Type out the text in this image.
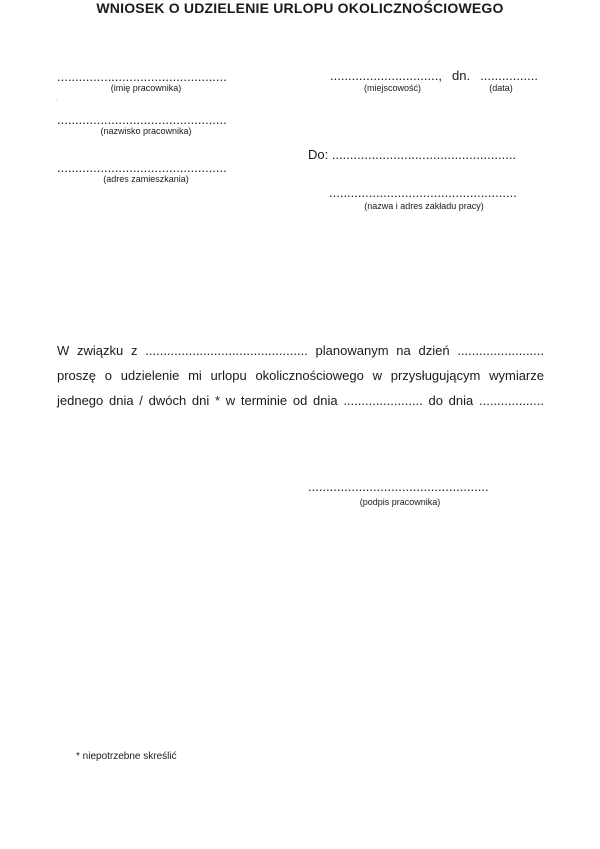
...............................................
(imię pracownika)
.
...............................................
(nazwisko pracownika)
...............................................
(adres zamieszkania)
.............................., dn. ................
(miejscowość)	(data)
Do: ...................................................
....................................................
(nazwa i adres zakładu pracy)
WNIOSEK O UDZIELENIE URLOPU OKOLICZNOŚCIOWEGO
W związku z ............................................. planowanym na dzień ........................
proszę o udzielenie mi urlopu okolicznościowego w przysługującym wymiarze
jednego dnia / dwóch dni * w terminie od dnia ...................... do dnia ..................
..................................................
(podpis pracownika)
* niepotrzebne skreślić
